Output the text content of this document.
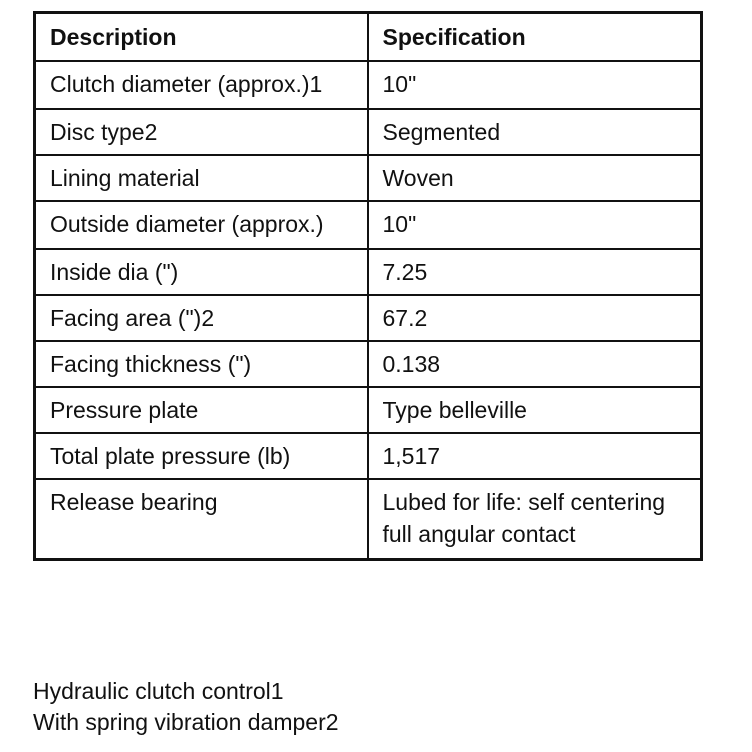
Description	Specification
Clutch diameter (approx.)1	10"
Disc type2	Segmented
Lining material	Woven
Outside diameter (approx.)	10"
Inside dia (")	7.25
Facing area (")2	67.2
Facing thickness (")	0.138
Pressure plate	Type belleville
Total plate pressure (lb)	1,517
Release bearing	Lubed for life: self centering full angular contact
Hydraulic clutch control1
With spring vibration damper2
